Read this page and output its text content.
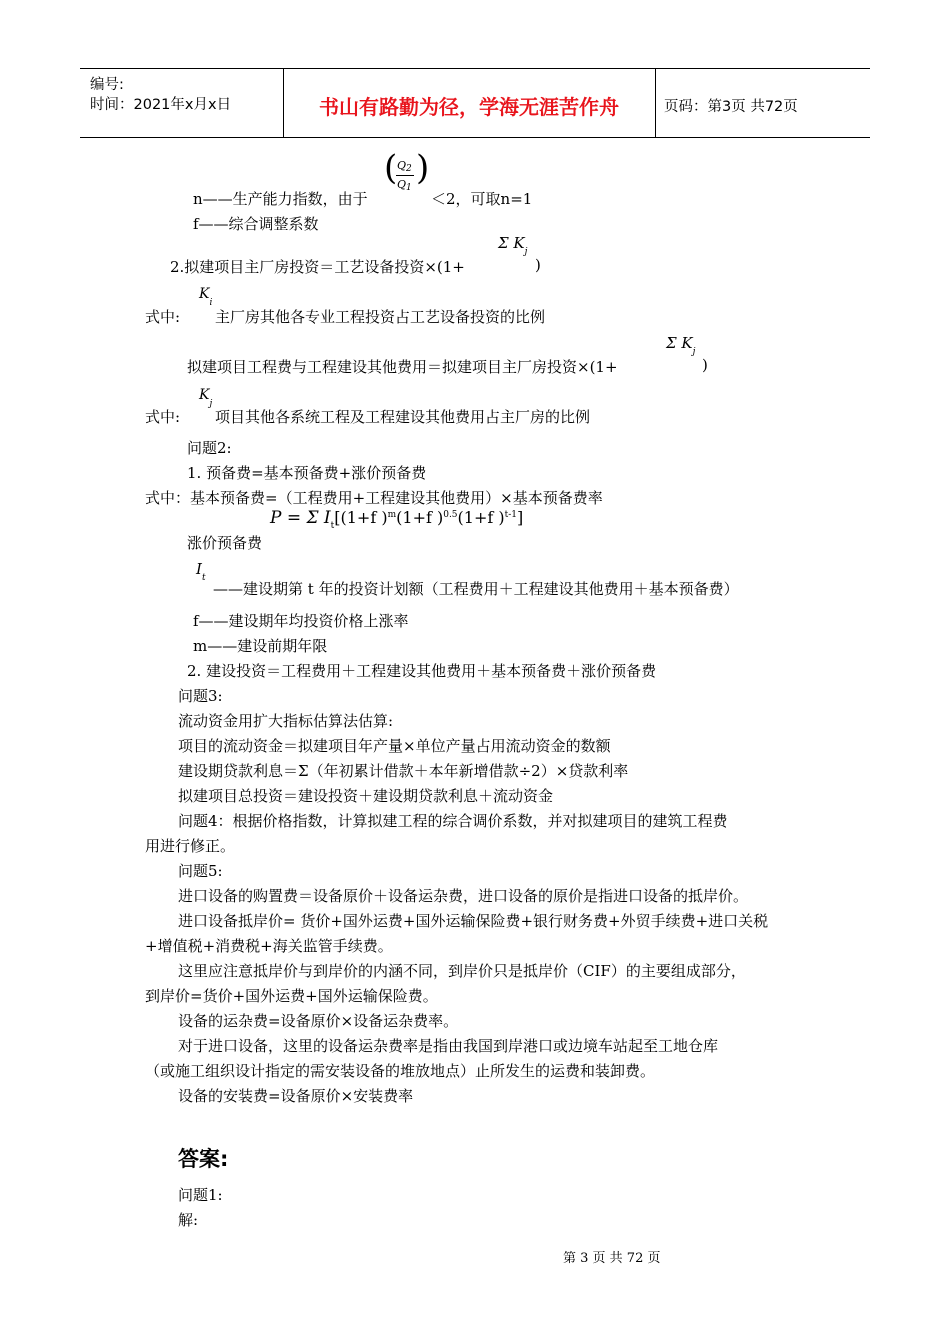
编号:
时间：2021年x月x日	书山有路勤为径，学海无涯苦作舟	页码：第3页 共72页
( Q2
Q1 )
n——生产能力指数，由于	＜2，可取n=1
f——综合调整系数
Σ $K_j$
2.拟建项目主厂房投资＝工艺设备投资×(1+	)
$K_i$
式中: 主厂房其他各专业工程投资占工艺设备投资的比例
Σ $K_j$
拟建项目工程费与工程建设其他费用＝拟建项目主厂房投资×(1+	)
$K_j$
式中: 项目其他各系统工程及工程建设其他费用占主厂房的比例
问题2:
1. 预备费=基本预备费+涨价预备费
式中：基本预备费=（工程费用+工程建设其他费用）×基本预备费率
P = Σ $I_t[(1+f$ )$^m$(1+f )$^{0.5}$(1+f )$^{t-1}$]
涨价预备费
$I_t$
——建设期第 t 年的投资计划额（工程费用＋工程建设其他费用＋基本预备费）
f——建设期年均投资价格上涨率
m——建设前期年限
2. 建设投资＝工程费用＋工程建设其他费用＋基本预备费＋涨价预备费
问题3:
流动资金用扩大指标估算法估算:
项目的流动资金＝拟建项目年产量×单位产量占用流动资金的数额
建设期贷款利息＝Σ（年初累计借款＋本年新增借款÷2）×贷款利率
拟建项目总投资＝建设投资＋建设期贷款利息＋流动资金
问题4：根据价格指数，计算拟建工程的综合调价系数，并对拟建项目的建筑工程费
用进行修正。
问题5:
进口设备的购置费＝设备原价＋设备运杂费，进口设备的原价是指进口设备的抵岸价。
进口设备抵岸价= 货价+国外运费+国外运输保险费+银行财务费+外贸手续费+进口关税
+增值税+消费税+海关监管手续费。
这里应注意抵岸价与到岸价的内涵不同，到岸价只是抵岸价（CIF）的主要组成部分，
到岸价=货价+国外运费+国外运输保险费。
设备的运杂费=设备原价×设备运杂费率。
对于进口设备，这里的设备运杂费率是指由我国到岸港口或边境车站起至工地仓库
（或施工组织设计指定的需安装设备的堆放地点）止所发生的运费和装卸费。
设备的安装费=设备原价×安装费率
答案:
问题1:
解:
第 3 页 共 72 页
